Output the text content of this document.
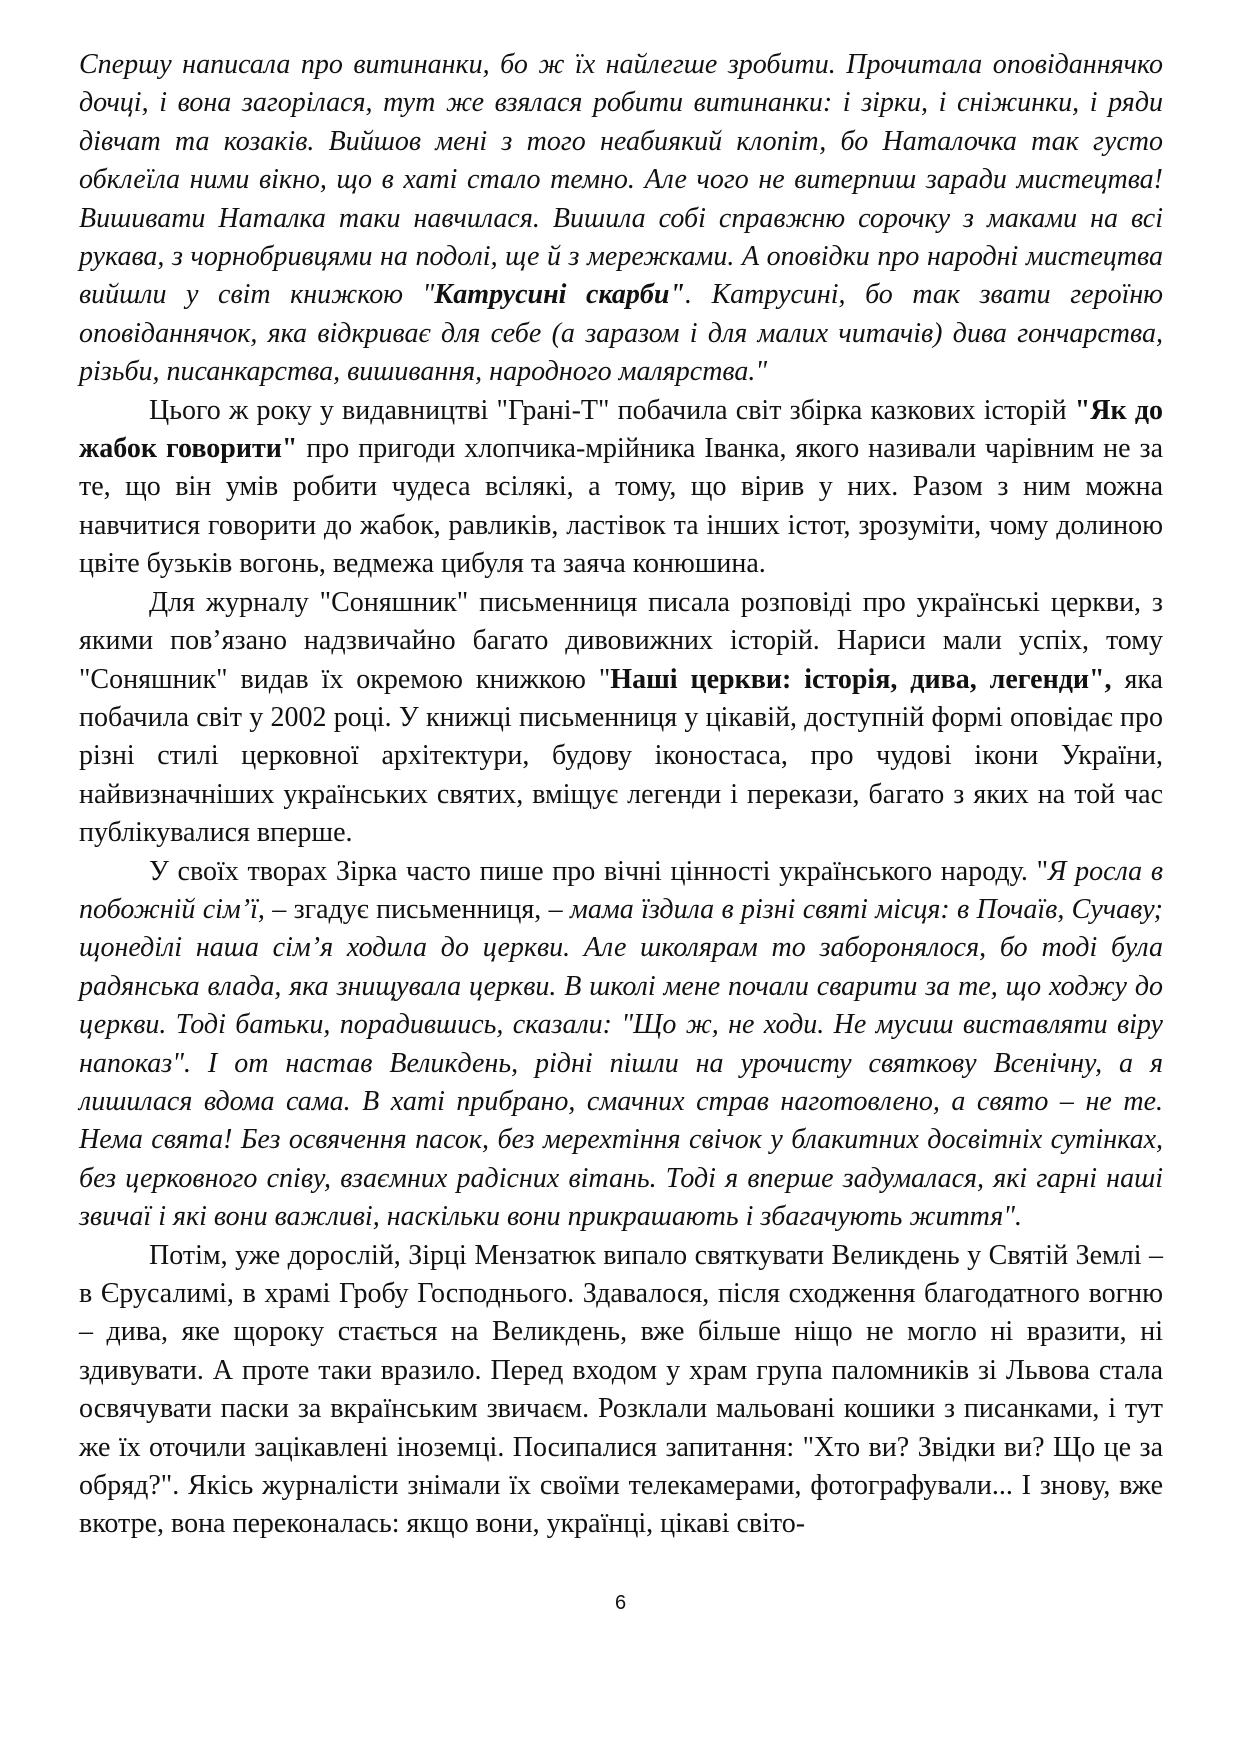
Спершу написала про витинанки, бо ж їх найлегше зробити. Прочитала оповіданнячко дочці, і вона загорілася, тут же взялася робити витинанки: і зірки, і сніжинки, і ряди дівчат та козаків. Вийшов мені з того неабиякий клопіт, бо Наталочка так густо обклеїла ними вікно, що в хаті стало темно. Але чого не витерпиш заради мистецтва! Вишивати Наталка таки навчилася. Вишила собі справжню сорочку з маками на всі рукава, з чорнобривцями на подолі, ще й з мережками. А оповідки про народні мистецтва вийшли у світ книжкою "Катрусині скарби". Катрусині, бо так звати героїню оповіданнячок, яка відкриває для себе (а заразом і для малих читачів) дива гончарства, різьби, писанкарства, вишивання, народного малярства."

Цього ж року у видавництві "Грані-Т" побачила світ збірка казкових історій "Як до жабок говорити" про пригоди хлопчика-мрійника Іванка, якого називали чарівним не за те, що він умів робити чудеса всілякі, а тому, що вірив у них. Разом з ним можна навчитися говорити до жабок, равликів, ластівок та інших істот, зрозуміти, чому долиною цвіте бузьків вогонь, ведмежа цибуля та заяча конюшина.

Для журналу "Соняшник" письменниця писала розповіді про українські церкви, з якими пов’язано надзвичайно багато дивовижних історій. Нариси мали успіх, тому "Соняшник" видав їх окремою книжкою "Наші церкви: історія, дива, легенди", яка побачила світ у 2002 році. У книжці письменниця у цікавій, доступній формі оповідає про різні стилі церковної архітектури, будову іконостаса, про чудові ікони України, найвизначніших українських святих, вміщує легенди і перекази, багато з яких на той час публікувалися вперше.

У своїх творах Зірка часто пише про вічні цінності українського народу. "Я росла в побожній сім’ї, – згадує письменниця, – мама їздила в різні святі місця: в Почаїв, Сучаву; щонеділі наша сім’я ходила до церкви. Але школярам то заборонялося, бо тоді була радянська влада, яка знищувала церкви. В школі мене почали сварити за те, що ходжу до церкви. Тоді батьки, порадившись, сказали: "Що ж, не ходи. Не мусиш виставляти віру напоказ". І от настав Великдень, рідні пішли на урочисту святкову Всенічну, а я лишилася вдома сама. В хаті прибрано, смачних страв наготовлено, а свято – не те. Нема свята! Без освячення пасок, без мерехтіння свічок у блакитних досвітніх сутінках, без церковного співу, взаємних радісних вітань. Тоді я вперше задумалася, які гарні наші звичаї і які вони важливі, наскільки вони прикрашають і збагачують життя".

Потім, уже дорослій, Зірці Мензатюк випало святкувати Великдень у Святій Землі – в Єрусалимі, в храмі Гробу Господнього. Здавалося, після сходження благодатного вогню – дива, яке щороку стається на Великдень, вже більше ніщо не могло ні вразити, ні здивувати. А проте таки вразило. Перед входом у храм група паломників зі Львова стала освячувати паски за вкраїнським звичаєм. Розклали мальовані кошики з писанками, і тут же їх оточили зацікавлені іноземці. Посипалися запитання: "Хто ви? Звідки ви? Що це за обряд?". Якісь журналісти знімали їх своїми телекамерами, фотографували... І знову, вже вкотре, вона переконалась: якщо вони, українці, цікаві світо-

6
